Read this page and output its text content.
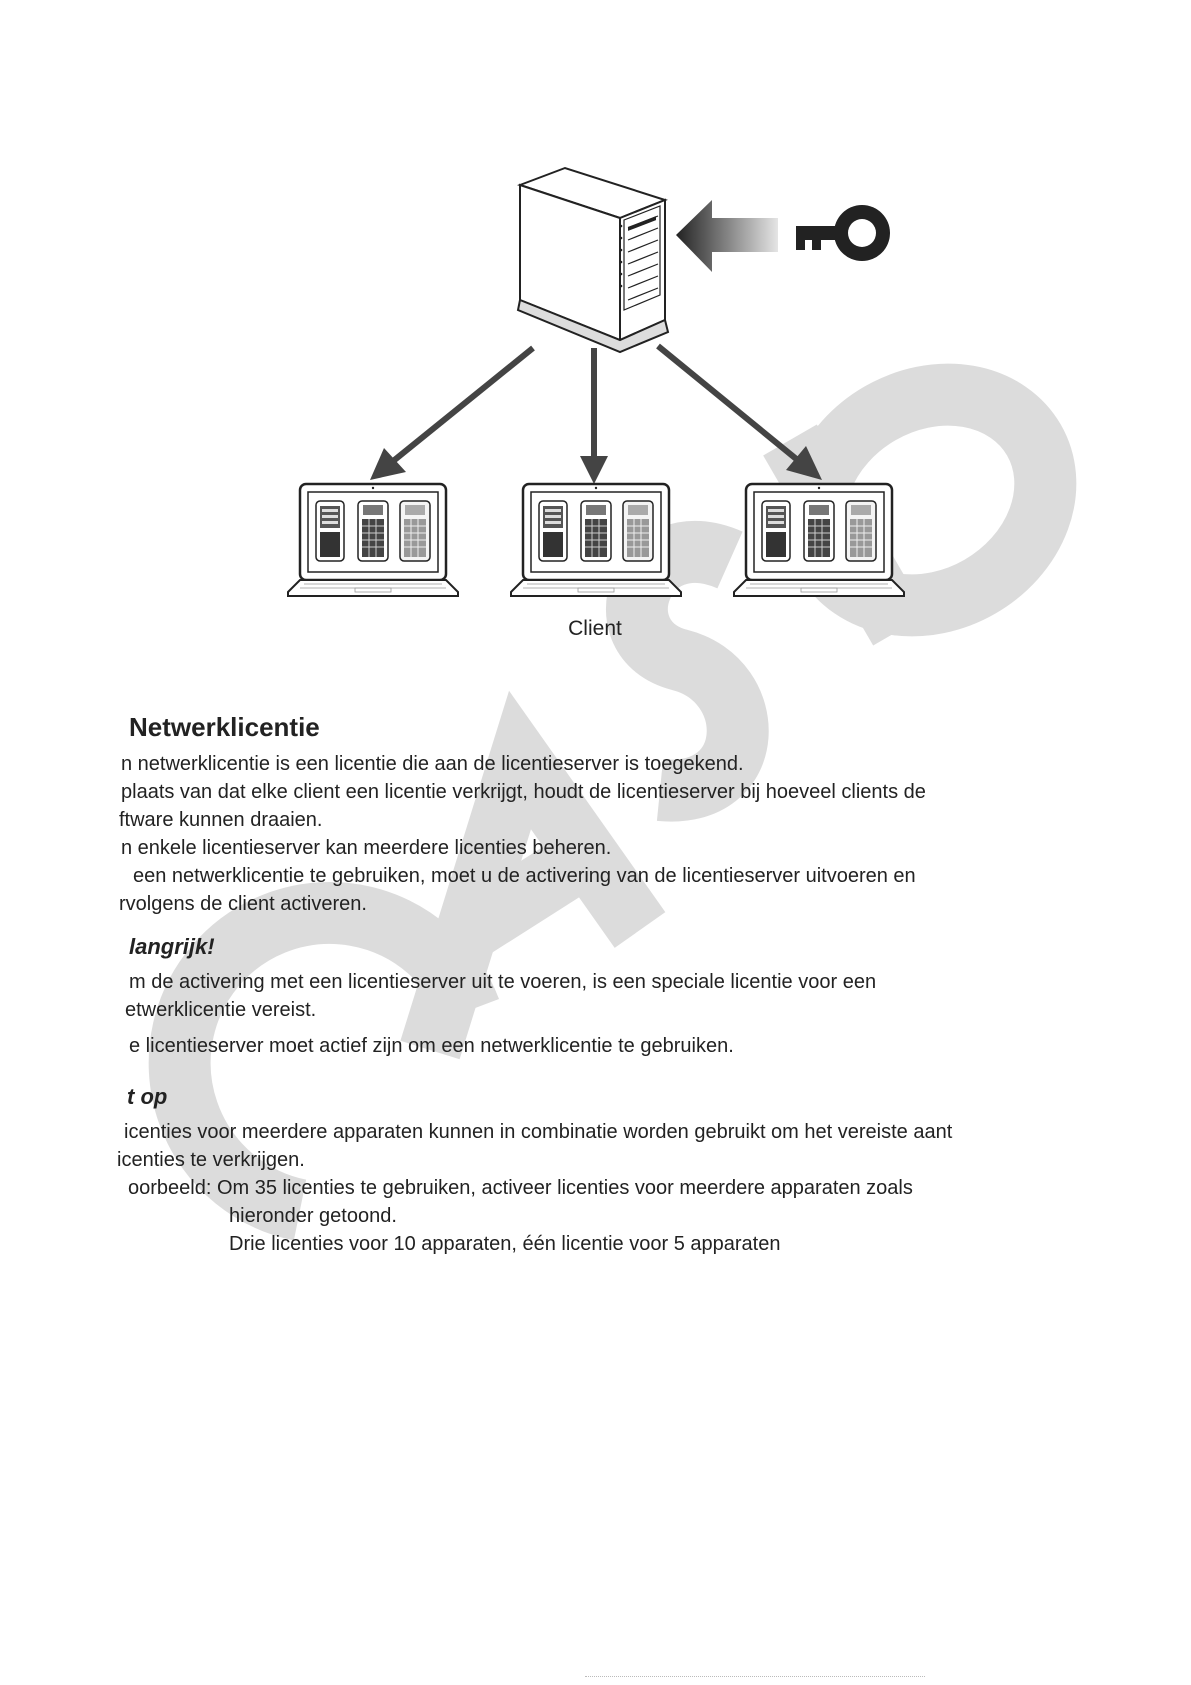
Client
Netwerklicentie
n netwerklicentie is een licentie die aan de licentieserver is toegekend.
plaats van dat elke client een licentie verkrijgt, houdt de licentieserver bij hoeveel clients de
ftware kunnen draaien.
n enkele licentieserver kan meerdere licenties beheren.
een netwerklicentie te gebruiken, moet u de activering van de licentieserver uitvoeren en
rvolgens de client activeren.
langrijk!
m de activering met een licentieserver uit te voeren, is een speciale licentie voor een
etwerklicentie vereist.
e licentieserver moet actief zijn om een netwerklicentie te gebruiken.
t op
icenties voor meerdere apparaten kunnen in combinatie worden gebruikt om het vereiste aant
icenties te verkrijgen.
oorbeeld: Om 35 licenties te gebruiken, activeer licenties voor meerdere apparaten zoals
hieronder getoond.
Drie licenties voor 10 apparaten, één licentie voor 5 apparaten
